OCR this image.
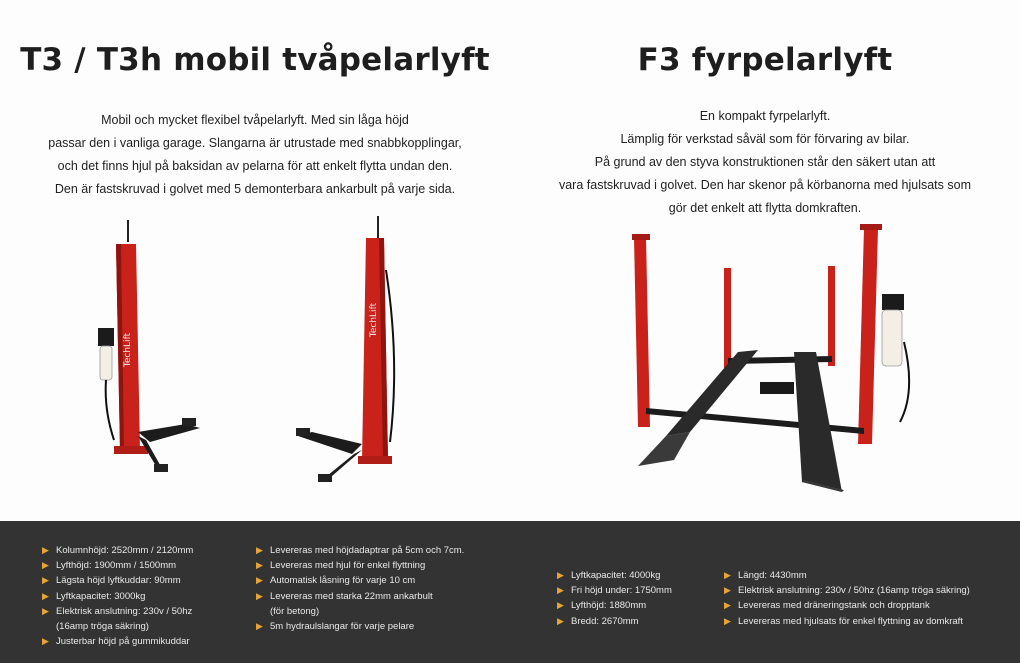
T3 / T3h mobil tvåpelarlyft
Mobil och mycket flexibel tvåpelarlyft. Med sin låga höjd
passar den i vanliga garage. Slangarna är utrustade med snabbkopplingar,
och det finns hjul på baksidan av pelarna för att enkelt flytta undan den.
Den är fastskruvad i golvet med 5 demonterbara ankarbult på varje sida.
TechLift
TechLift
F3 fyrpelarlyft
En kompakt fyrpelarlyft.
Lämplig för verkstad såväl som för förvaring av bilar.
På grund av den styva konstruktionen står den säkert utan att
vara fastskruvad i golvet. Den har skenor på körbanorna med hjulsats som
gör det enkelt att flytta domkraften.
▶ Kolumnhöjd: 2520mm / 2120mm
▶ Lyfthöjd: 1900mm / 1500mm
▶ Lägsta höjd lyftkuddar: 90mm
▶ Lyftkapacitet: 3000kg
▶ Elektrisk anslutning: 230v / 50hz
(16amp tröga säkring)
▶ Justerbar höjd på gummikuddar
▶ Levereras med höjdadaptrar på 5cm och 7cm.
▶ Levereras med hjul för enkel flyttning
▶ Automatisk låsning för varje 10 cm
▶ Levereras med starka 22mm ankarbult
(för betong)
▶ 5m hydraulslangar för varje pelare
▶ Lyftkapacitet: 4000kg
▶ Fri höjd under: 1750mm
▶ Lyfthöjd: 1880mm
▶ Bredd: 2670mm
▶ Längd: 4430mm
▶ Elektrisk anslutning: 230v / 50hz (16amp tröga säkring)
▶ Levereras med dräneringstank och dropptank
▶ Levereras med hjulsats för enkel flyttning av domkraft
